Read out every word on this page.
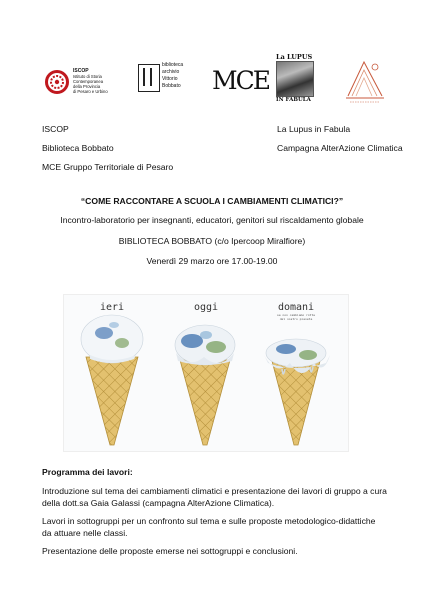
ISCOP
Istituto di Storia
Contemporanea
della Provincia
di Pesaro e Urbino
biblioteca
archivio
Vittorio
Bobbato MCE
La LUPUS
IN FABULA
ISCOP	La Lupus in Fabula
Biblioteca Bobbato	Campagna AlterAzione Climatica
MCE Gruppo Territoriale di Pesaro
“COME RACCONTARE A SCUOLA I CAMBIAMENTI CLIMATICI?”
Incontro-laboratorio per insegnanti, educatori, genitori sul riscaldamento globale
BIBLIOTECA BOBBATO (c/o Ipercoop Miralfiore)
Venerdì 29 marzo ore 17.00-19.00
ieri	oggi	domani
se non cambiamo rotta
del nostro pianeta
Programma dei lavori:

Introduzione sul tema dei cambiamenti climatici e presentazione dei lavori di gruppo a cura della dott.sa Gaia Galassi (campagna AlterAzione Climatica).

Lavori in sottogruppi per un confronto sul tema e sulle proposte metodologico-didattiche da attuare nelle classi.

Presentazione delle proposte emerse nei sottogruppi e conclusioni.
